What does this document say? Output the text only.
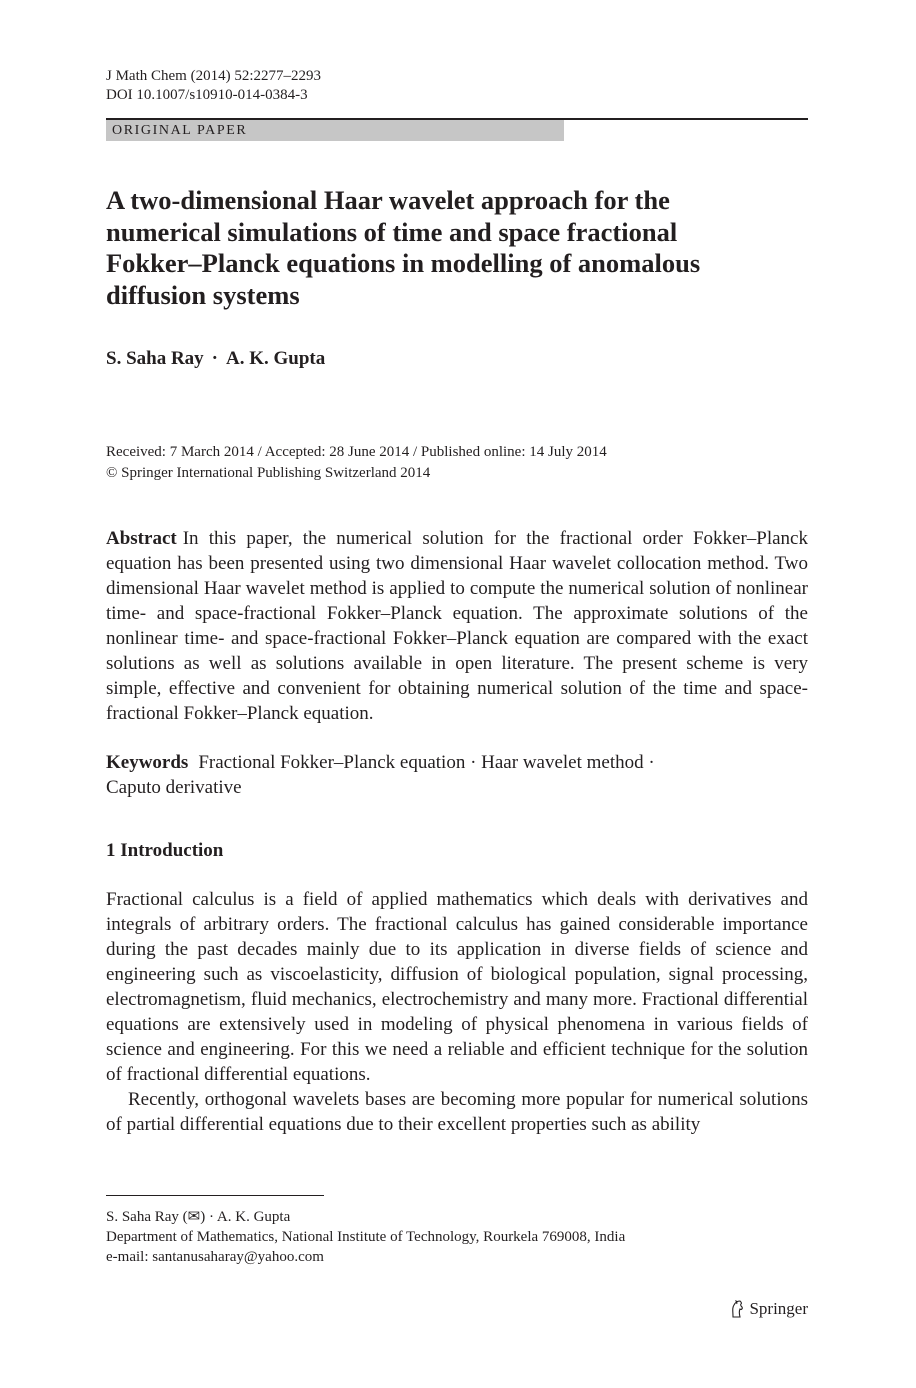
J Math Chem (2014) 52:2277–2293
DOI 10.1007/s10910-014-0384-3
ORIGINAL PAPER
A two-dimensional Haar wavelet approach for the
numerical simulations of time and space fractional
Fokker–Planck equations in modelling of anomalous
diffusion systems
S. Saha Ray · A. K. Gupta
Received: 7 March 2014 / Accepted: 28 June 2014 / Published online: 14 July 2014
© Springer International Publishing Switzerland 2014
Abstract In this paper, the numerical solution for the fractional order Fokker–Planck equation has been presented using two dimensional Haar wavelet collocation method. Two dimensional Haar wavelet method is applied to compute the numerical solution of nonlinear time- and space-fractional Fokker–Planck equation. The approximate solutions of the nonlinear time- and space-fractional Fokker–Planck equation are compared with the exact solutions as well as solutions available in open literature. The present scheme is very simple, effective and convenient for obtaining numerical solution of the time and space-fractional Fokker–Planck equation.
Keywords Fractional Fokker–Planck equation · Haar wavelet method ·
Caputo derivative
1 Introduction

Fractional calculus is a field of applied mathematics which deals with derivatives and integrals of arbitrary orders. The fractional calculus has gained considerable importance during the past decades mainly due to its application in diverse fields of science and engineering such as viscoelasticity, diffusion of biological population, signal processing, electromagnetism, fluid mechanics, electrochemistry and many more. Fractional differential equations are extensively used in modeling of physical phenomena in various fields of science and engineering. For this we need a reliable and efficient technique for the solution of fractional differential equations.

Recently, orthogonal wavelets bases are becoming more popular for numerical solutions of partial differential equations due to their excellent properties such as ability

S. Saha Ray (✉) · A. K. Gupta
Department of Mathematics, National Institute of Technology, Rourkela 769008, India
e-mail: santanusaharay@yahoo.com
Springer
